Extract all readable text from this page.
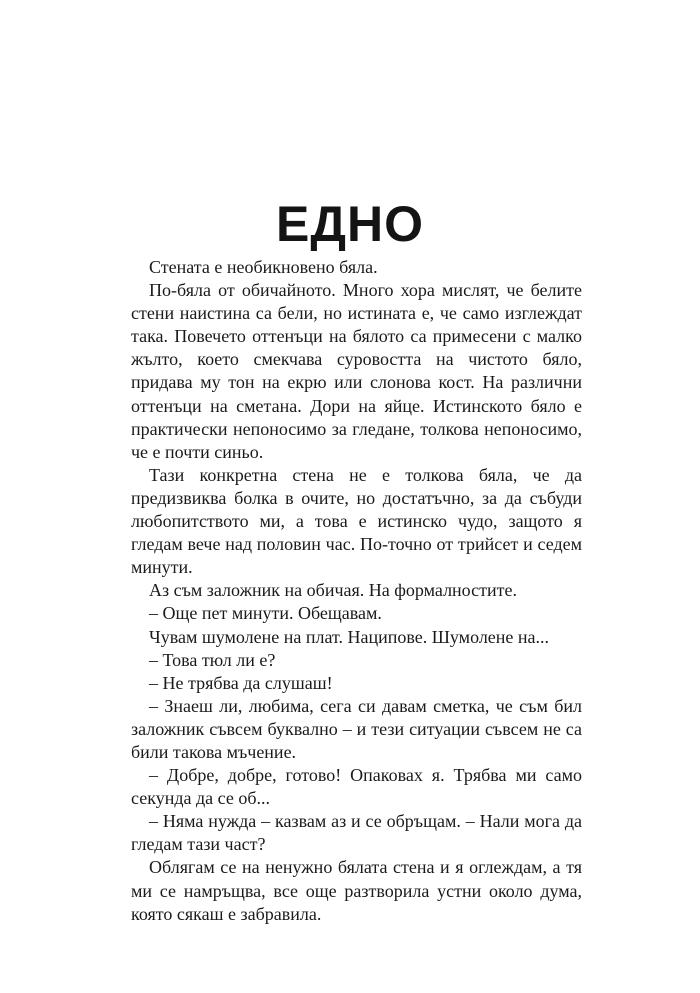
ЕДНО

Стената е необикновено бяла.

По-бяла от обичайното. Много хора мислят, че белите стени наистина са бели, но истината е, че само изглеждат така. Повечето оттенъци на бялото са примесени с малко жълто, което смекчава суровостта на чистото бяло, придава му тон на екрю или слонова кост. На различни оттенъци на сметана. Дори на яйце. Истинското бяло е практически непоносимо за гледане, толкова непоносимо, че е почти синьо.

Тази конкретна стена не е толкова бяла, че да предизвиква болка в очите, но достатъчно, за да събуди любопитството ми, а това е истинско чудо, защото я гледам вече над половин час. По-точно от трийсет и седем минути.

Аз съм заложник на обичая. На формалностите.

– Още пет минути. Обещавам.

Чувам шумолене на плат. Наципове. Шумолене на...

– Това тюл ли е?

– Не трябва да слушаш!

– Знаеш ли, любима, сега си давам сметка, че съм бил заложник съвсем буквално – и тези ситуации съвсем не са били такова мъчение.

– Добре, добре, готово! Опаковах я. Трябва ми само секунда да се об...

– Няма нужда – казвам аз и се обръщам. – Нали мога да гледам тази част?

Облягам се на ненужно бялата стена и я оглеждам, а тя ми се намръщва, все още разтворила устни около дума, която сякаш е забравила.
